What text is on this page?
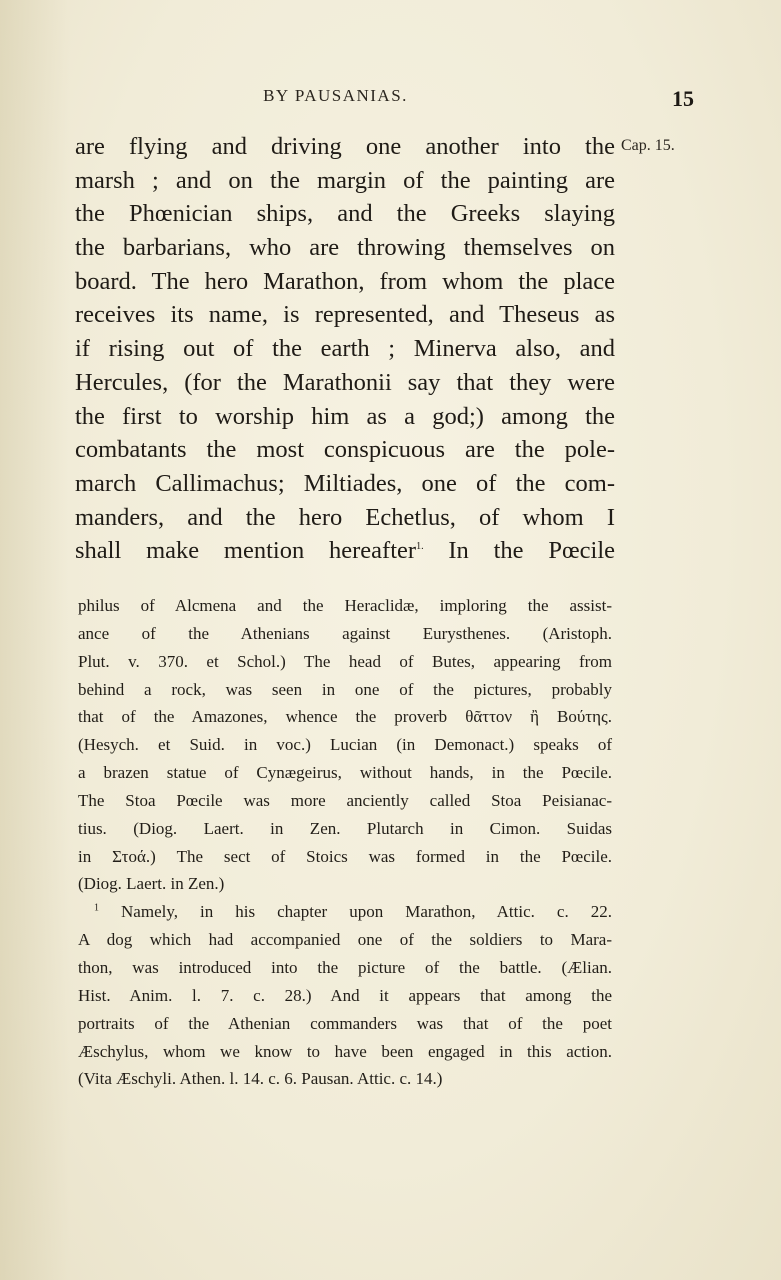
BY PAUSANIAS.	15
Cap. 15.
are flying and driving one another into the
marsh ; and on the margin of the painting are
the Phœnician ships, and the Greeks slaying
the barbarians, who are throwing themselves on
board. The hero Marathon, from whom the place
receives its name, is represented, and Theseus as
if rising out of the earth ; Minerva also, and
Hercules, (for the Marathonii say that they were
the first to worship him as a god;) among the
combatants the most conspicuous are the pole-
march Callimachus; Miltiades, one of the com-
manders, and the hero Echetlus, of whom I
shall make mention hereafter$^{1.}$ In the Pœcile
philus of Alcmena and the Heraclidæ, imploring the assist-
ance of the Athenians against Eurysthenes. (Aristoph.
Plut. v. 370. et Schol.) The head of Butes, appearing from
behind a rock, was seen in one of the pictures, probably
that of the Amazones, whence the proverb θᾶττον ἢ Βούτης.
(Hesych. et Suid. in voc.) Lucian (in Demonact.) speaks of
a brazen statue of Cynægeirus, without hands, in the Pœcile.
The Stoa Pœcile was more anciently called Stoa Peisianac-
tius. (Diog. Laert. in Zen. Plutarch in Cimon. Suidas
in Στοά.) The sect of Stoics was formed in the Pœcile.
(Diog. Laert. in Zen.)
$^1$ Namely, in his chapter upon Marathon, Attic. c. 22.
A dog which had accompanied one of the soldiers to Mara-
thon, was introduced into the picture of the battle. (Ælian.
Hist. Anim. l. 7. c. 28.) And it appears that among the
portraits of the Athenian commanders was that of the poet
Æschylus, whom we know to have been engaged in this action.
(Vita Æschyli. Athen. l. 14. c. 6. Pausan. Attic. c. 14.)
